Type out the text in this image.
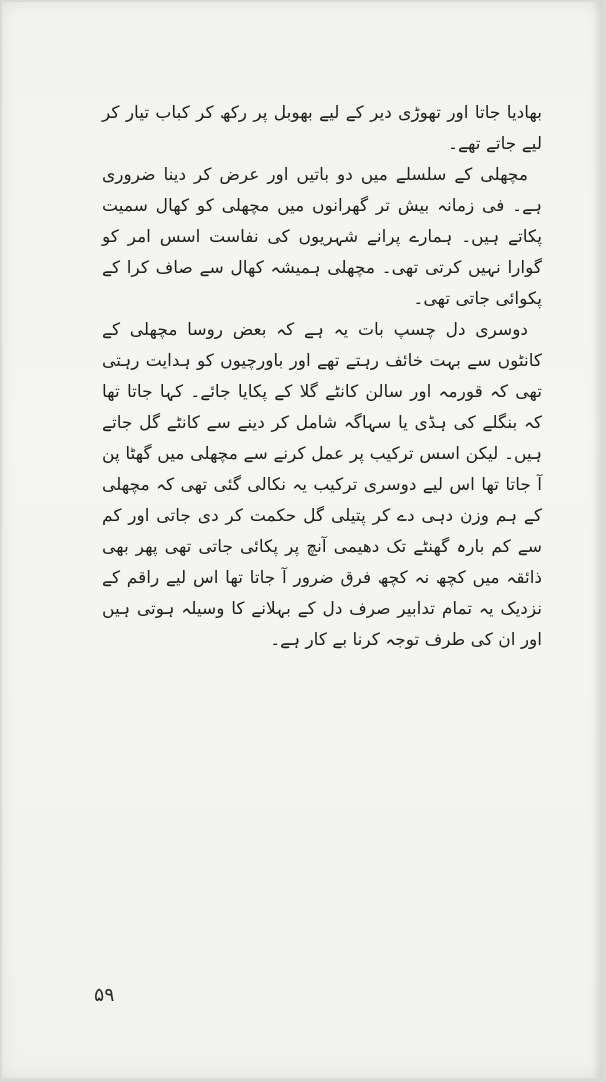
بھادیا جاتا اور تھوڑی دیر کے لیے بھوبل پر رکھ کر کباب تیار کر لیے جاتے تھے۔

مچھلی کے سلسلے میں دو باتیں اور عرض کر دینا ضروری ہے۔ فی زمانہ بیش تر گھرانوں میں مچھلی کو کھال سمیت پکاتے ہیں۔ ہمارے پرانے شہریوں کی نفاست اسس امر کو گوارا نہیں کرتی تھی۔ مچھلی ہمیشہ کھال سے صاف کرا کے پکوائی جاتی تھی۔

دوسری دل چسپ بات یہ ہے کہ بعض روسا مچھلی کے کانٹوں سے بہت خائف رہتے تھے اور باورچیوں کو ہدایت رہتی تھی کہ قورمہ اور سالن کانٹے گلا کے پکایا جائے۔ کہا جاتا تھا کہ بنگلے کی ہڈی یا سہاگہ شامل کر دینے سے کانٹے گل جاتے ہیں۔ لیکن اسس ترکیب پر عمل کرنے سے مچھلی میں گھٹا پن آ جاتا تھا اس لیے دوسری ترکیب یہ نکالی گئی تھی کہ مچھلی کے ہم وزن دہی دے کر پتیلی گل حکمت کر دی جاتی اور کم سے کم بارہ گھنٹے تک دھیمی آنچ پر پکائی جاتی تھی پھر بھی ذائقہ میں کچھ نہ کچھ فرق ضرور آ جاتا تھا اس لیے راقم کے نزدیک یہ تمام تدابیر صرف دل کے بہلانے کا وسیلہ ہوتی ہیں اور ان کی طرف توجہ کرنا بے کار ہے۔

۵۹
